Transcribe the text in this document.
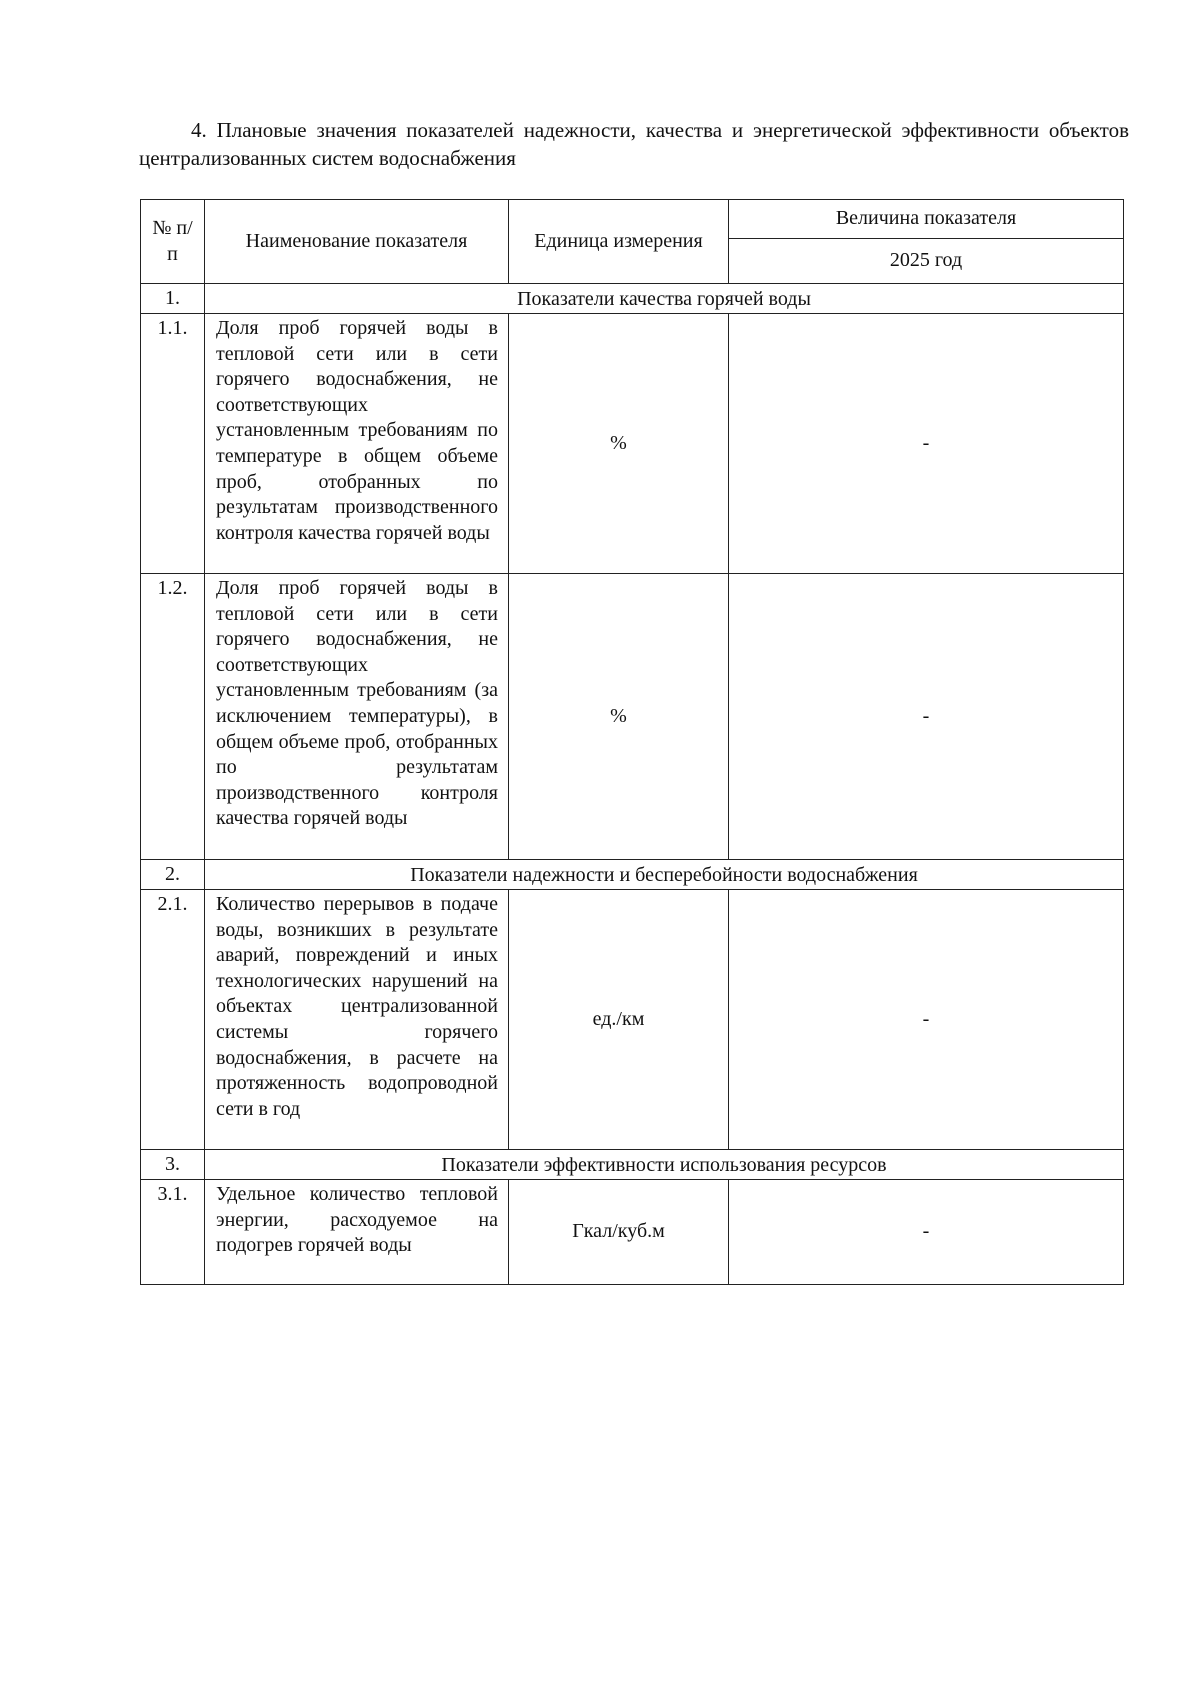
4. Плановые значения показателей надежности, качества и энергетической эффективности объектов централизованных систем водоснабжения
№ п/п	Наименование показателя	Единица измерения	Величина показателя
			2025 год
1.	Показатели качества горячей воды		
1.1.	Доля проб горячей воды в тепловой сети или в сети горячего водоснабжения, не соответствующих установленным требованиям по температуре в общем объеме проб, отобранных по результатам производственного контроля качества горячей воды	%	-
1.2.	Доля проб горячей воды в тепловой сети или в сети горячего водоснабжения, не соответствующих установленным требованиям (за исключением температуры), в общем объеме проб, отобранных по результатам производственного контроля качества горячей воды	%	-
2.	Показатели надежности и бесперебойности водоснабжения		
2.1.	Количество перерывов в подаче воды, возникших в результате аварий, повреждений и иных технологических нарушений на объектах централизованной системы горячего водоснабжения, в расчете на протяженность водопроводной сети в год	ед./км	-
3.	Показатели эффективности использования ресурсов		
3.1.	Удельное количество тепловой энергии, расходуемое на подогрев горячей воды	Гкал/куб.м	-
